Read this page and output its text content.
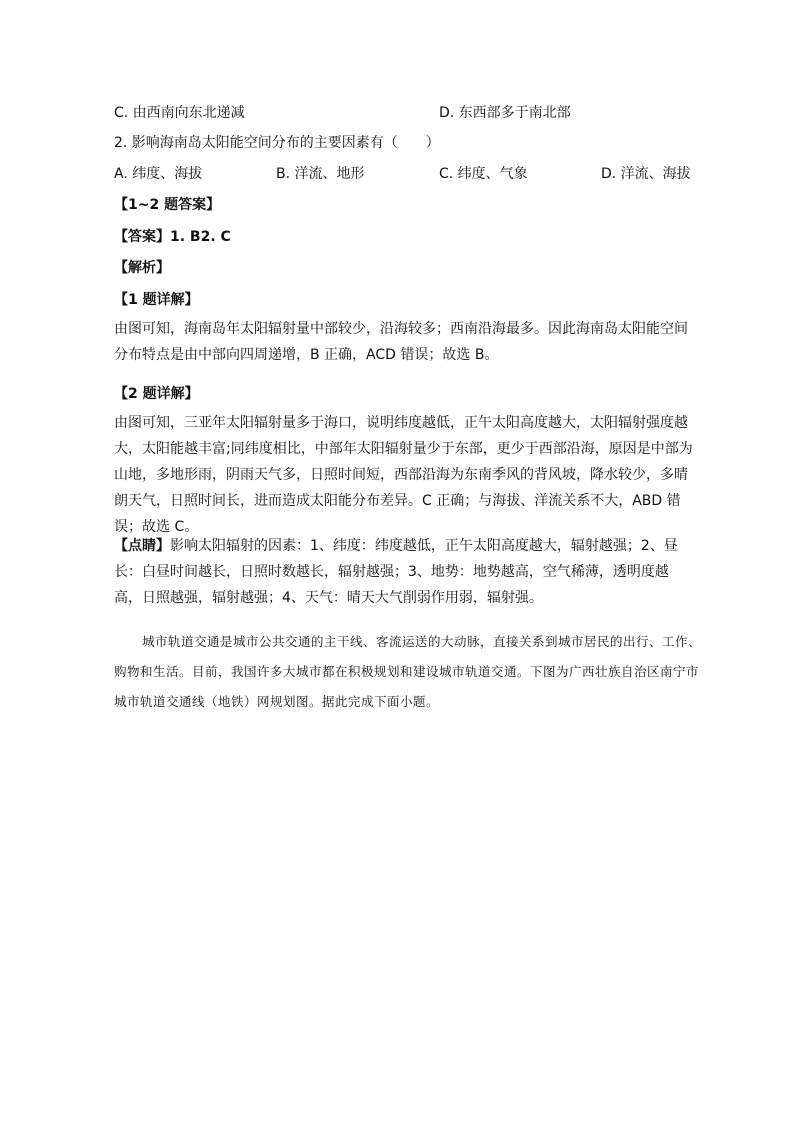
C. 由西南向东北递减	D. 东西部多于南北部
2. 影响海南岛太阳能空间分布的主要因素有（　　）
A. 纬度、海拔	B. 洋流、地形	C. 纬度、气象	D. 洋流、海拔
【1~2 题答案】
【答案】1. B2. C
【解析】
【1 题详解】
由图可知，海南岛年太阳辐射量中部较少，沿海较多；西南沿海最多。因此海南岛太阳能空间分布特点是由中部向四周递增，B 正确，ACD 错误；故选 B。
【2 题详解】
由图可知，三亚年太阳辐射量多于海口，说明纬度越低，正午太阳高度越大，太阳辐射强度越大，太阳能越丰富;同纬度相比，中部年太阳辐射量少于东部，更少于西部沿海，原因是中部为山地，多地形雨，阴雨天气多，日照时间短，西部沿海为东南季风的背风坡，降水较少，多晴朗天气，日照时间长，进而造成太阳能分布差异。C 正确；与海拔、洋流关系不大，ABD 错误；故选 C。
【点睛】影响太阳辐射的因素：1、纬度：纬度越低，正午太阳高度越大，辐射越强；2、昼长：白昼时间越长，日照时数越长，辐射越强；3、地势：地势越高，空气稀薄，透明度越高，日照越强，辐射越强；4、天气：晴天大气削弱作用弱，辐射强。
城市轨道交通是城市公共交通的主干线、客流运送的大动脉，直接关系到城市居民的出行、工作、购物和生活。目前，我国许多大城市都在积极规划和建设城市轨道交通。下图为广西壮族自治区南宁市城市轨道交通线（地铁）网规划图。据此完成下面小题。
